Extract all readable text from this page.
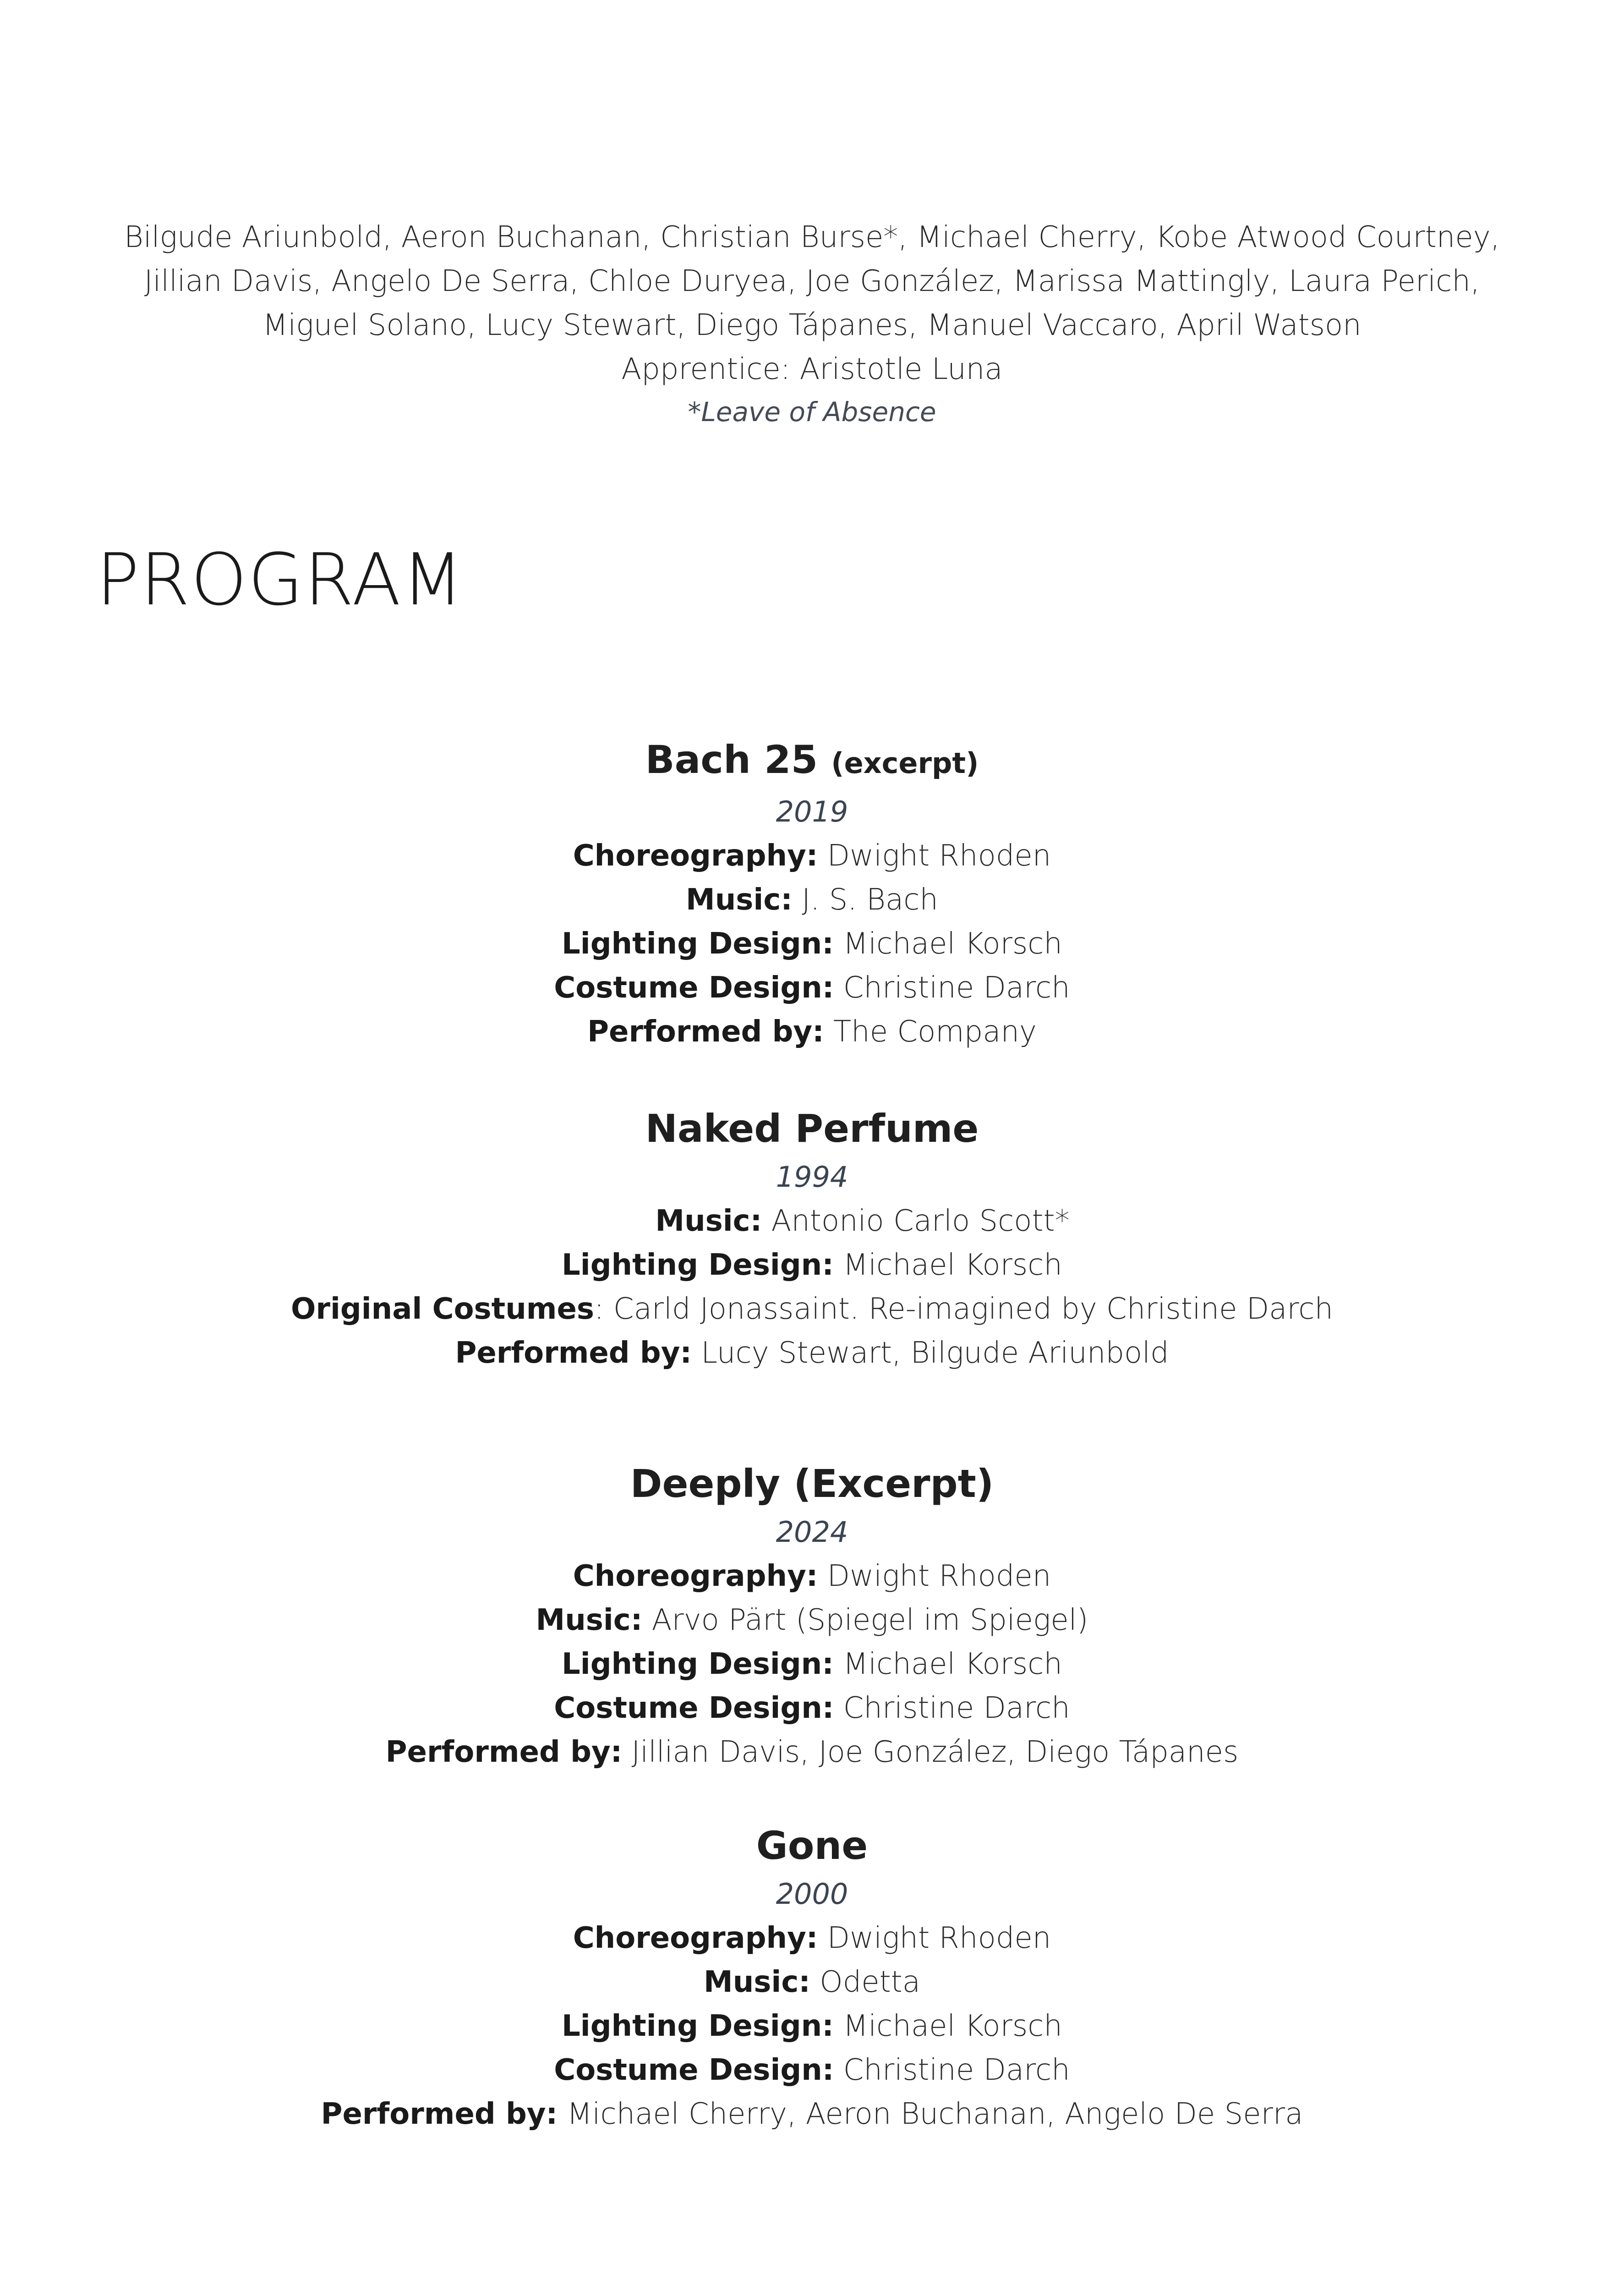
Bilgude Ariunbold, Aeron Buchanan, Christian Burse*, Michael Cherry, Kobe Atwood Courtney,
Jillian Davis, Angelo De Serra, Chloe Duryea, Joe González, Marissa Mattingly, Laura Perich,
Miguel Solano, Lucy Stewart, Diego Tápanes, Manuel Vaccaro, April Watson
Apprentice: Aristotle Luna
*Leave of Absence
PROGRAM
Bach 25 (excerpt)
2019
Choreography: Dwight Rhoden
Music: J. S. Bach
Lighting Design: Michael Korsch
Costume Design: Christine Darch
Performed by: The Company
Naked Perfume
1994
Music: Antonio Carlo Scott*
Lighting Design: Michael Korsch
Original Costumes: Carld Jonassaint. Re-imagined by Christine Darch
Performed by: Lucy Stewart, Bilgude Ariunbold
Deeply (Excerpt)
2024
Choreography: Dwight Rhoden
Music: Arvo Pärt (Spiegel im Spiegel)
Lighting Design: Michael Korsch
Costume Design: Christine Darch
Performed by: Jillian Davis, Joe González, Diego Tápanes
Gone
2000
Choreography: Dwight Rhoden
Music: Odetta
Lighting Design: Michael Korsch
Costume Design: Christine Darch
Performed by: Michael Cherry, Aeron Buchanan, Angelo De Serra
